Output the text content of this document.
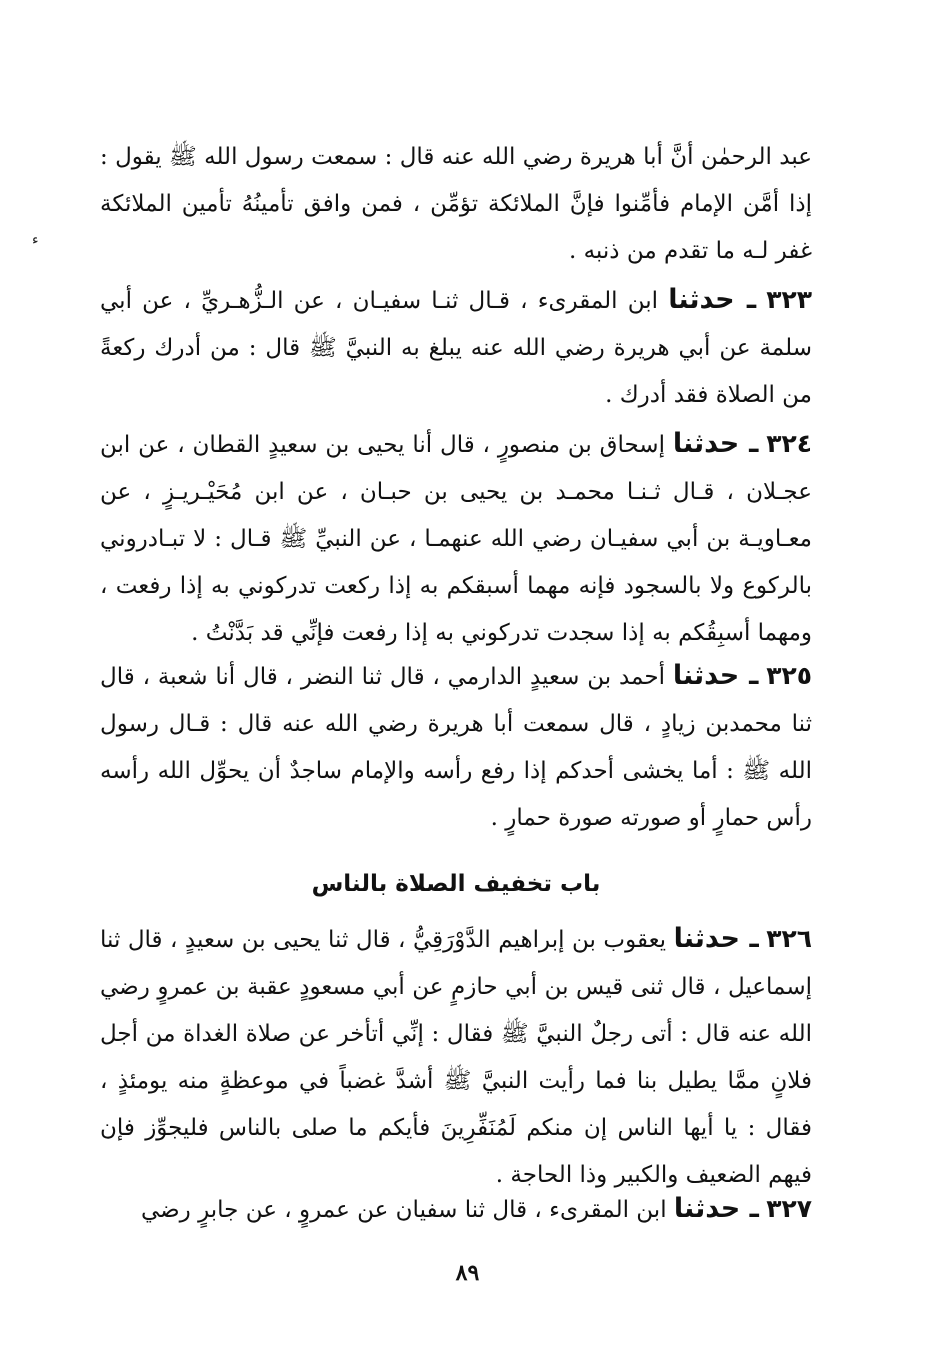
ء

عبد الرحمٰن أنَّ أبا هريرة رضي الله عنه قال : سمعت رسول الله ﷺ يقول : إذا أمَّن الإمام فأمِّنوا فإنَّ الملائكة تؤمِّن ، فمن وافق تأمينُهُ تأمين الملائكة غفر لـه ما تقدم من ذنبه .

٣٢٣ ـ حدثنا ابن المقرىء ، قـال ثنـا سفيـان ، عن الـزُّهـريِّ ، عن أبي سلمة عن أبي هريرة رضي الله عنه يبلغ به النبيَّ ﷺ قال : من أدرك ركعةً من الصلاة فقد أدرك .

٣٢٤ ـ حدثنا إسحاق بن منصورٍ ، قال أنا يحيى بن سعيدٍ القطان ، عن ابن عجـلان ، قـال ثـنـا محمـد بن يحيى بن حبـان ، عن ابن مُحَيْـريـزٍ ، عن معـاويـة بن أبي سفيـان رضي الله عنهمـا ، عن النبيِّ ﷺ قـال : لا تبـادروني بالركوع ولا بالسجود فإنه مهما أسبقكم به إذا ركعت تدركوني به إذا رفعت ، ومهما أسبِقُكم به إذا سجدت تدركوني به إذا رفعت فإنِّي قد بَدَّنْتُ .

٣٢٥ ـ حدثنا أحمد بن سعيدٍ الدارمي ، قال ثنا النضر ، قال أنا شعبة ، قال ثنا محمدبن زيادٍ ، قال سمعت أبا هريرة رضي الله عنه قال : قـال رسول الله ﷺ : أما يخشى أحدكم إذا رفع رأسه والإمام ساجدٌ أن يحوِّل الله رأسه رأس حمارٍ أو صورته صورة حمارٍ .

باب تخفيف الصلاة بالناس

٣٢٦ ـ حدثنا يعقوب بن إبراهيم الدَّوْرَقِيُّ ، قال ثنا يحيى بن سعيدٍ ، قال ثنا إسماعيل ، قال ثنى قيس بن أبي حازمٍ عن أبي مسعودٍ عقبة بن عمروٍ رضي الله عنه قال : أتى رجلٌ النبيَّ ﷺ فقال : إنِّي أتأخر عن صلاة الغداة من أجل فلانٍ ممَّا يطيل بنا فما رأيت النبيَّ ﷺ أشدَّ غضباً في موعظةٍ منه يومئذٍ ، فقال : يا أيها الناس إن منكم لَمُنَفِّرِينَ فأيكم ما صلى بالناس فليجوِّز فإن فيهم الضعيف والكبير وذا الحاجة .

٣٢٧ ـ حدثنا ابن المقرىء ، قال ثنا سفيان عن عمروٍ ، عن جابرٍ رضي

٨٩
